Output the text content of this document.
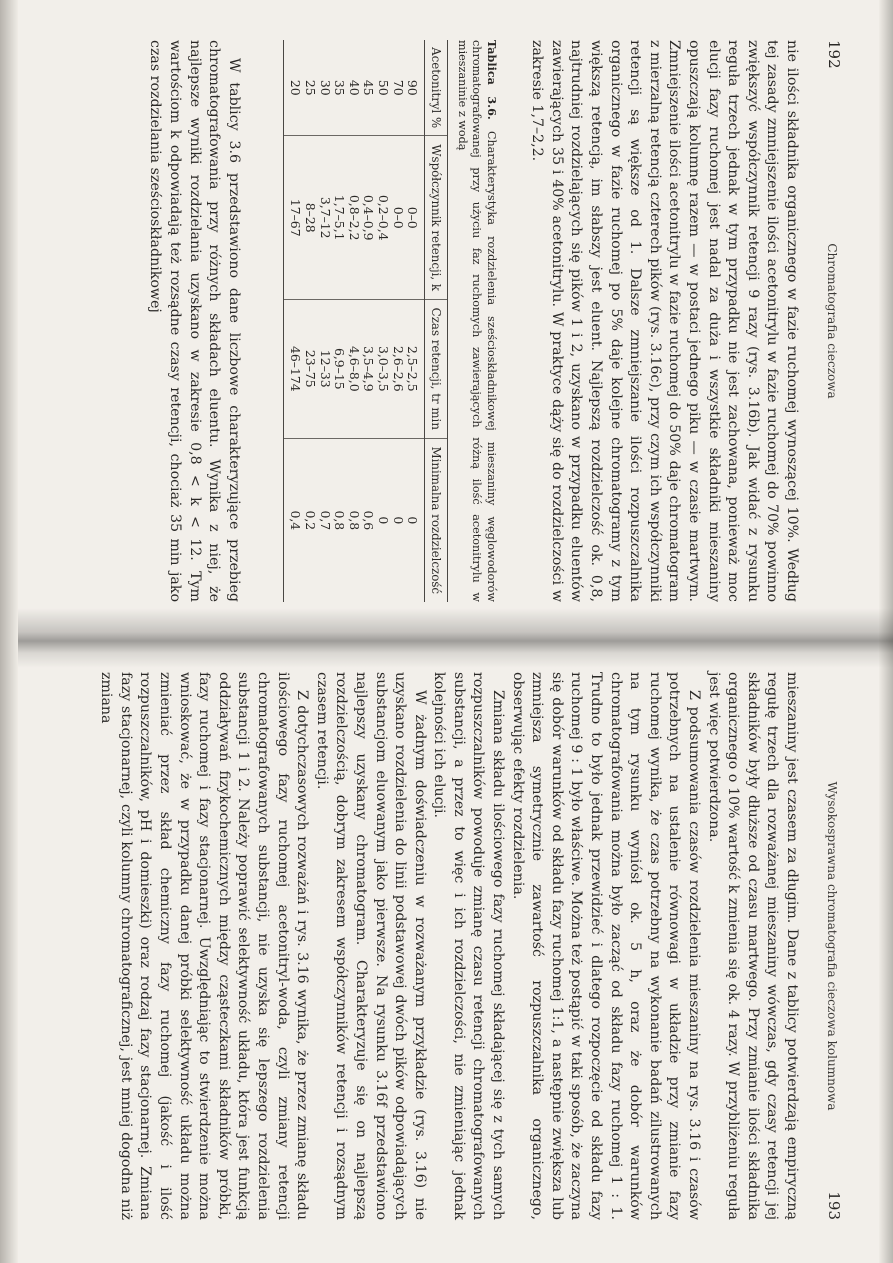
192
Chromatografia cieczowa

nie ilości składnika organicznego w fazie ruchomej wynoszącej 10%. Według tej zasady zmniejszenie ilości acetonitrylu w fazie ruchomej do 70% powinno zwiększyć współczynnik retencji 9 razy (rys. 3.16b). Jak widać z rysunku reguła trzech jednak w tym przypadku nie jest zachowana, ponieważ moc elucji fazy ruchomej jest nadal za duża i wszystkie składniki mieszaniny opuszczają kolumnę razem — w postaci jednego piku — w czasie martwym. Zmniejszenie ilości acetonitrylu w fazie ruchomej do 50% daje chromatogram z mierzalną retencją czterech pików (rys. 3.16c), przy czym ich współczynniki retencji są większe od 1. Dalsze zmniejszanie ilości rozpuszczalnika organicznego w fazie ruchomej po 5% daje kolejne chromatogramy z tym większą retencją, im słabszy jest eluent. Najlepszą rozdzielczość ok. 0,8, najtrudniej rozdzielających się pików 1 i 2, uzyskano w przypadku eluentów zawierających 35 i 40% acetonitrylu. W praktyce dąży się do rozdzielczości w zakresie 1,7–2,2.

Tablica 3.6. Charakterystyka rozdzielenia sześcioskładnikowej mieszaniny węglowodorów chromatografowanej przy użyciu faz ruchomych zawierających różną ilość acetonitrylu w mieszaninie z wodą
Acetonitryl %	Współczynnik retencji, k	Czas retencji, tr min	Minimalna rozdzielczość
90	0–0	2,5–2,5	0
70	0–0	2,6–2,6	0
50	0,2–0,4	3,0–3,5	0
45	0,4–0,9	3,5–4,9	0,6
40	0,8–2,2	4,6–8,0	0,8
35	1,7–5,1	6,9–15	0,8
30	3,7–12	12–33	0,7
25	8–28	23–75	0,2
20	17–67	46–174	0,4

W tablicy 3.6 przedstawiono dane liczbowe charakteryzujące przebieg chromatografowania przy różnych składach eluentu. Wynika z niej, że najlepsze wyniki rozdzielania uzyskano w zakresie 0,8 < k < 12. Tym wartościom k odpowiadają też rozsądne czasy retencji, chociaż 35 min jako czas rozdzielania sześcioskładnikowej

Wysokosprawna chromatografia cieczowa kolumnowa
193

mieszaniny jest czasem za długim. Dane z tablicy potwierdzają empiryczną regułę trzech dla rozważanej mieszaniny wówczas, gdy czasy retencji jej składników były dłuższe od czasu martwego. Przy zmianie ilości składnika organicznego o 10% wartość k zmienia się ok. 4 razy. W przybliżeniu reguła jest więc potwierdzona.

Z podsumowania czasów rozdzielenia mieszaniny na rys. 3.16 i czasów potrzebnych na ustalenie równowagi w układzie przy zmianie fazy ruchomej wynika, że czas potrzebny na wykonanie badań zilustrowanych na tym rysunku wyniósł ok. 5 h, oraz że dobór warunków chromatografowania można było zacząć od składu fazy ruchomej 1 : 1. Trudno to było jednak przewidzieć i dlatego rozpoczęcie od składu fazy ruchomej 9 : 1 było właściwe. Można też postąpić w taki sposób, że zaczyna się dobór warunków od składu fazy ruchomej 1:1, a następnie zwiększa lub zmniejsza symetrycznie zawartość rozpuszczalnika organicznego, obserwując efekty rozdzielenia.

Zmiana składu ilościowego fazy ruchomej składającej się z tych samych rozpuszczalników powoduje zmianę czasu retencji chromatografowanych substancji, a przez to więc i ich rozdzielczości, nie zmieniając jednak kolejności ich elucji.

W żadnym doświadczeniu w rozważanym przykładzie (rys. 3.16) nie uzyskano rozdzielenia do linii podstawowej dwóch pików odpowiadających substancjom eluowanym jako pierwsze. Na rysunku 3.16f przedstawiono najlepszy uzyskany chromatogram. Charakteryzuje się on najlepszą rozdzielczością, dobrym zakresem współczynników retencji i rozsądnym czasem retencji.

Z dotychczasowych rozważań i rys. 3.16 wynika, że przez zmianę składu ilościowego fazy ruchomej acetonitryl-woda, czyli zmiany retencji chromatografowanych substancji, nie uzyska się lepszego rozdzielenia substancji 1 i 2. Należy poprawić selektywność układu, która jest funkcją oddziaływań fizykochemicznych między cząsteczkami składników próbki, fazy ruchomej i fazy stacjonarnej. Uwzględniając to stwierdzenie można wnioskować, że w przypadku danej próbki selektywność układu można zmieniać przez skład chemiczny fazy ruchomej (jakość i ilość rozpuszczalników, pH i domieszki) oraz rodzaj fazy stacjonarnej. Zmiana fazy stacjonarnej, czyli kolumny chromatograficznej, jest mniej dogodna niż zmiana
